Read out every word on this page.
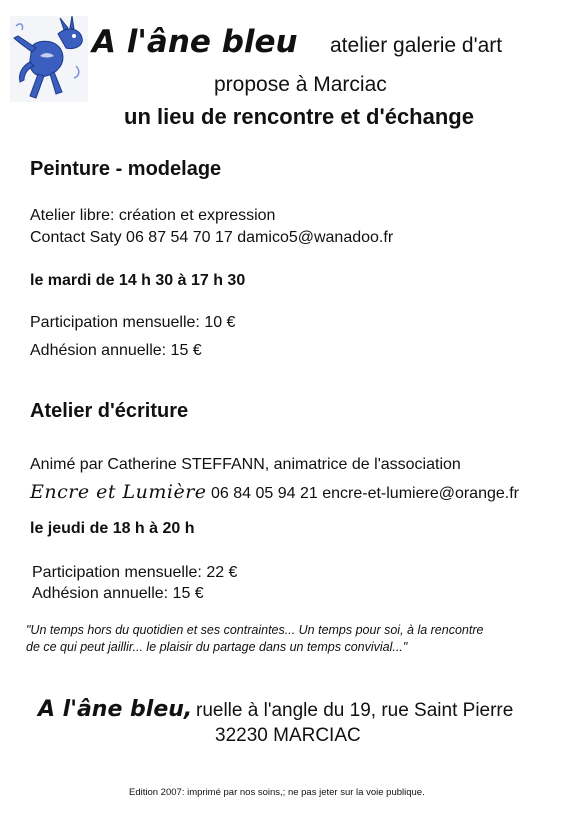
A l'âne bleu atelier galerie d'art
propose à Marciac
un lieu de rencontre et d'échange
Peinture - modelage
Atelier libre: création et expression
Contact Saty 06 87 54 70 17 damico5@wanadoo.fr
le mardi de 14 h 30 à 17 h 30
Participation mensuelle: 10 €
Adhésion annuelle: 15 €
Atelier d'écriture
Animé par Catherine STEFFANN, animatrice de l'association
Encre et Lumière 06 84 05 94 21 encre-et-lumiere@orange.fr
le jeudi de 18 h à 20 h
Participation mensuelle: 22 €
Adhésion annuelle: 15 €
"Un temps hors du quotidien et ses contraintes... Un temps pour soi, à la rencontre
de ce qui peut jaillir... le plaisir du partage dans un temps convivial..."
A l'âne bleu, ruelle à l'angle du 19, rue Saint Pierre
32230 MARCIAC
Edition 2007: imprimé par nos soins,; ne pas jeter sur la voie publique.
